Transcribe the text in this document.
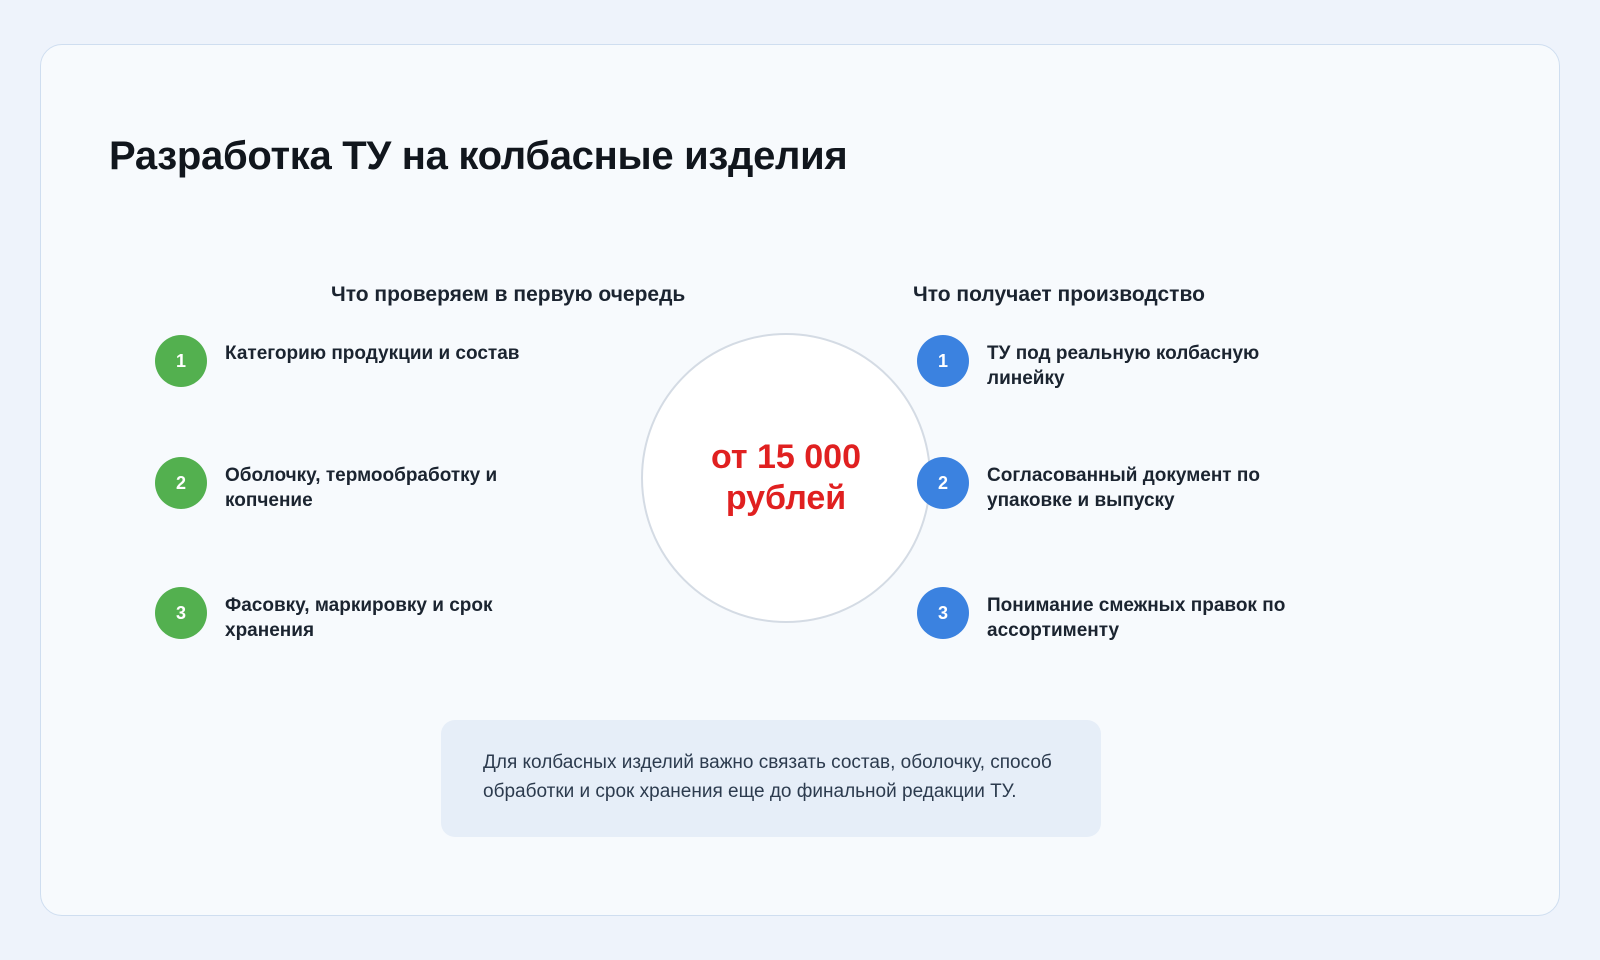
Разработка ТУ на колбасные изделия
Что проверяем в первую очередь	Что получает производство
1	Категорию продукции и состав
2	Оболочку, термообработку и копчение
3	Фасовку, маркировку и срок хранения
от 15 000 рублей
1	ТУ под реальную колбасную линейку
2	Согласованный документ по упаковке и выпуску
3	Понимание смежных правок по ассортименту
Для колбасных изделий важно связать состав, оболочку, способ обработки и срок хранения еще до финальной редакции ТУ.
